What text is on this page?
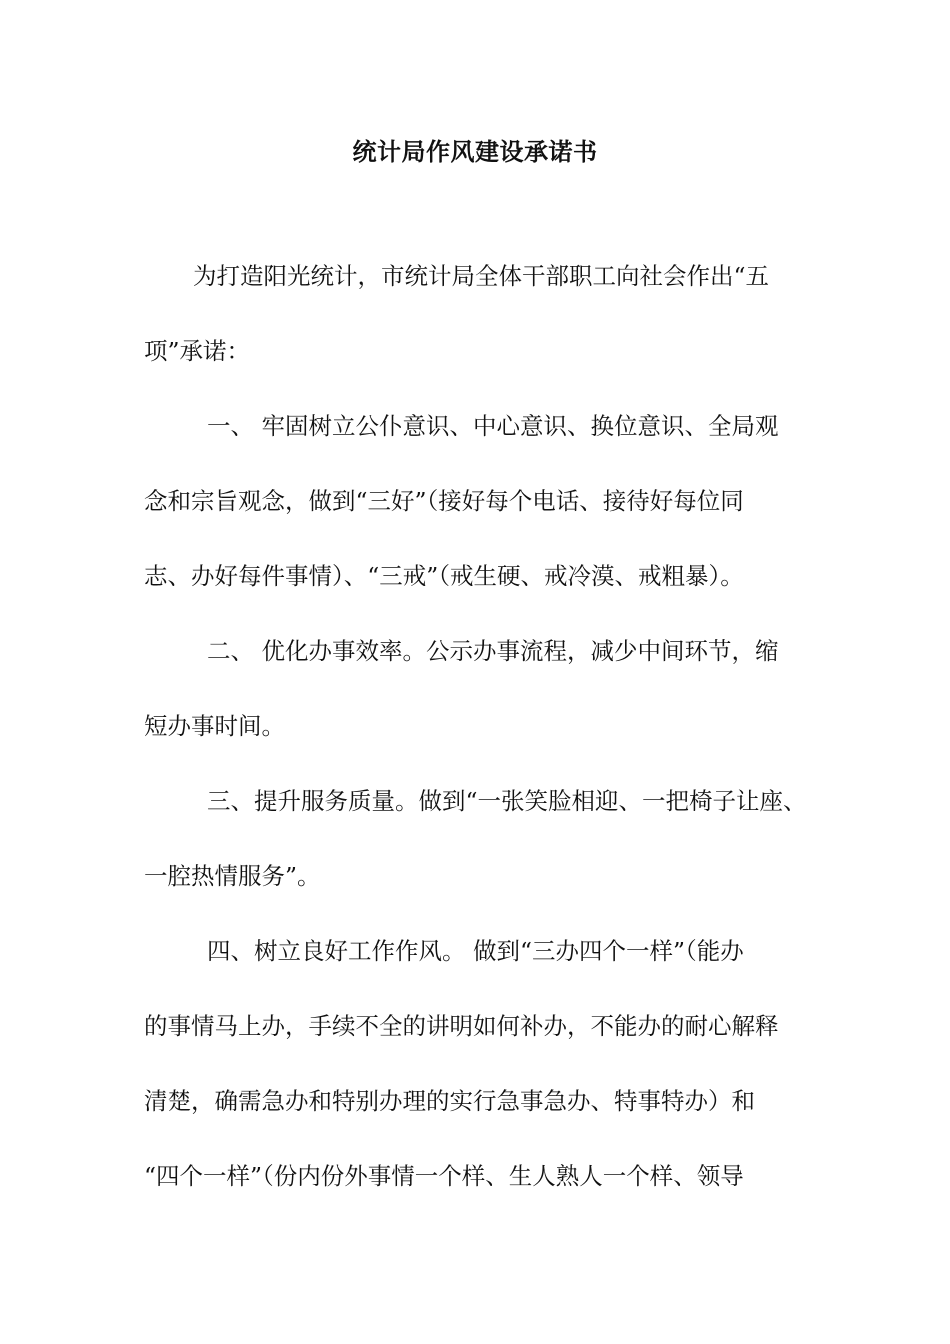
统计局作风建设承诺书
为打造阳光统计，市统计局全体干部职工向社会作出“五
项”承诺：
一、 牢固树立公仆意识、中心意识、换位意识、全局观
念和宗旨观念，做到“三好”（接好每个电话、接待好每位同
志、办好每件事情）、“三戒”（戒生硬、戒冷漠、戒粗暴）。
二、 优化办事效率。公示办事流程，减少中间环节，缩
短办事时间。
三、提升服务质量。做到“一张笑脸相迎、一把椅子让座、
一腔热情服务”。
四、树立良好工作作风。 做到“三办四个一样”（能办
的事情马上办，手续不全的讲明如何补办，不能办的耐心解释
清楚，确需急办和特别办理的实行急事急办、特事特办）和
“四个一样”（份内份外事情一个样、生人熟人一个样、领导
